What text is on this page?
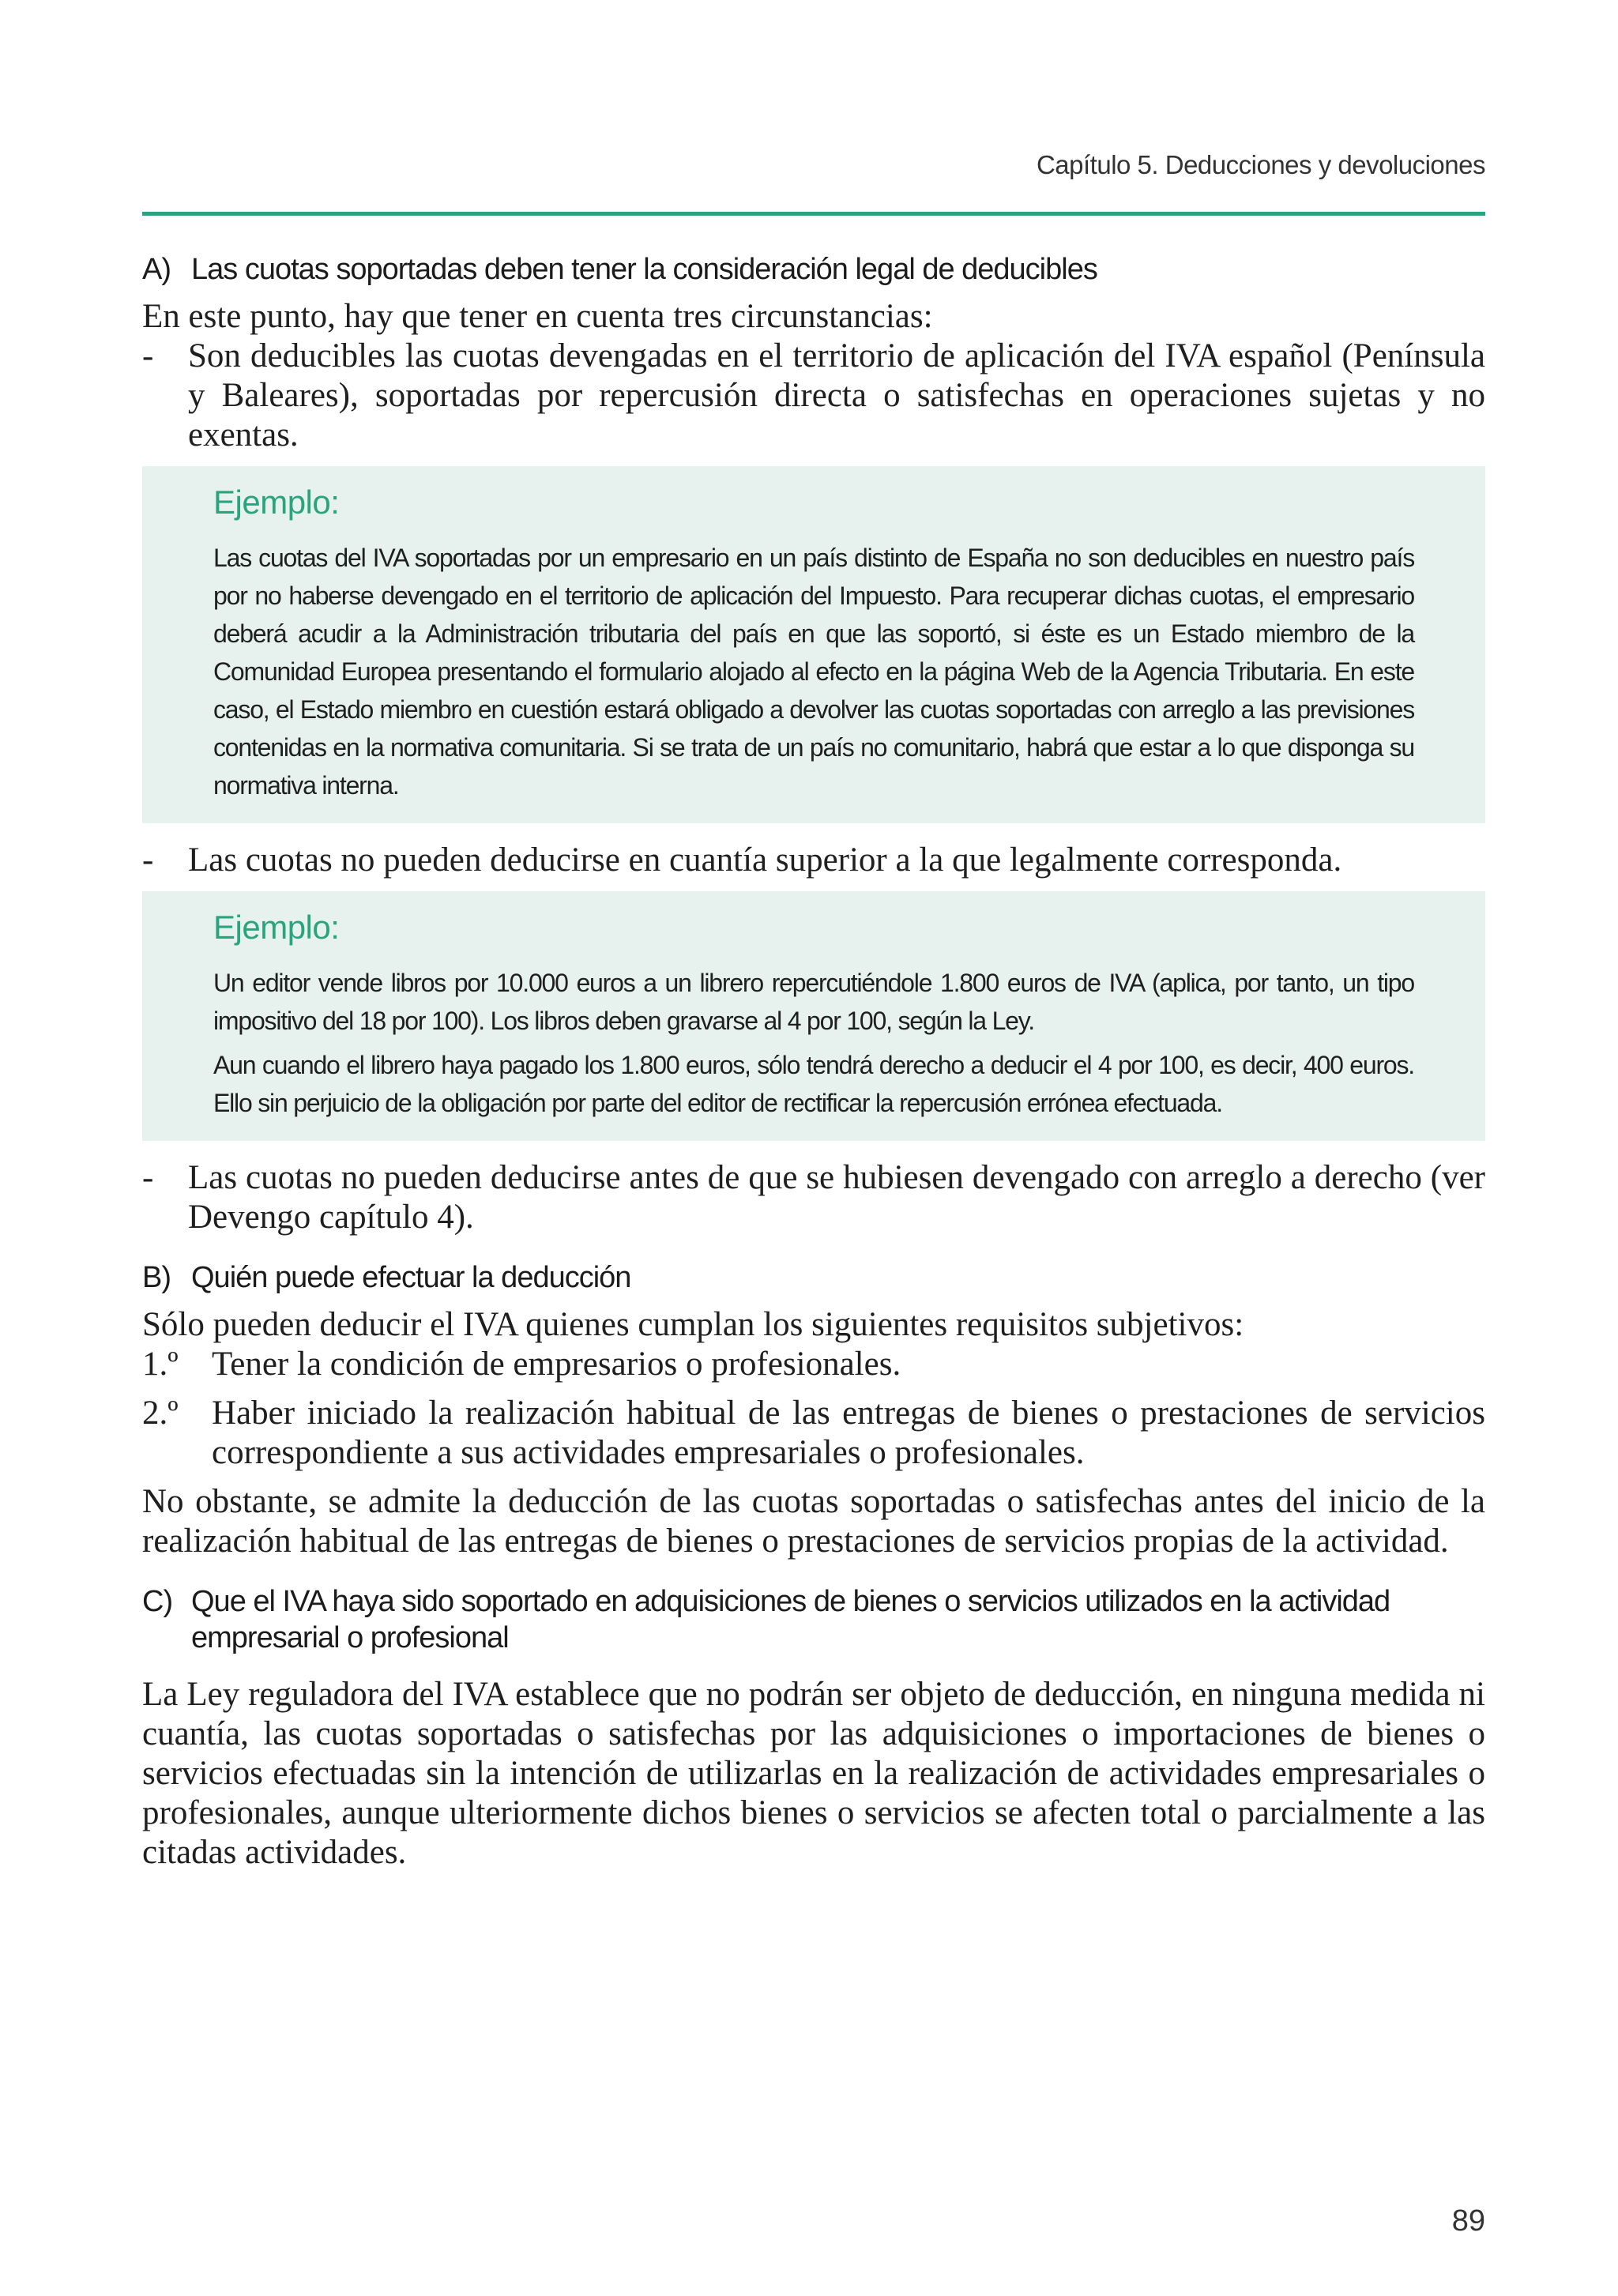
Capítulo 5. Deducciones y devoluciones
A) Las cuotas soportadas deben tener la consideración legal de deducibles

En este punto, hay que tener en cuenta tres circunstancias:

-	Son deducibles las cuotas devengadas en el territorio de aplicación del IVA español (Península y Baleares), soportadas por repercusión directa o satisfechas en operaciones sujetas y no exentas.
Ejemplo:

Las cuotas del IVA soportadas por un empresario en un país distinto de España no son deducibles en nuestro país por no haberse devengado en el territorio de aplicación del Impuesto. Para recuperar dichas cuotas, el empresario deberá acudir a la Administración tributaria del país en que las soportó, si éste es un Estado miembro de la Comunidad Europea presentando el formulario alojado al efecto en la página Web de la Agencia Tributaria. En este caso, el Estado miembro en cuestión estará obligado a devolver las cuotas soportadas con arreglo a las previsiones contenidas en la normativa comunitaria. Si se trata de un país no comunitario, habrá que estar a lo que disponga su normativa interna.

-	Las cuotas no pueden deducirse en cuantía superior a la que legalmente corresponda.
Ejemplo:

Un editor vende libros por 10.000 euros a un librero repercutiéndole 1.800 euros de IVA (aplica, por tanto, un tipo impositivo del 18 por 100). Los libros deben gravarse al 4 por 100, según la Ley.

Aun cuando el librero haya pagado los 1.800 euros, sólo tendrá derecho a deducir el 4 por 100, es decir, 400 euros. Ello sin perjuicio de la obligación por parte del editor de rectificar la repercusión errónea efectuada.

-	Las cuotas no pueden deducirse antes de que se hubiesen devengado con arreglo a derecho (ver Devengo capítulo 4).
B) Quién puede efectuar la deducción

Sólo pueden deducir el IVA quienes cumplan los siguientes requisitos subjetivos:

1.º Tener la condición de empresarios o profesionales.
2.º Haber iniciado la realización habitual de las entregas de bienes o prestaciones de servicios correspondiente a sus actividades empresariales o profesionales.

No obstante, se admite la deducción de las cuotas soportadas o satisfechas antes del inicio de la realización habitual de las entregas de bienes o prestaciones de servicios propias de la actividad.

C) Que el IVA haya sido soportado en adquisiciones de bienes o servicios utilizados en la actividad empresarial o profesional

La Ley reguladora del IVA establece que no podrán ser objeto de deducción, en ninguna medida ni cuantía, las cuotas soportadas o satisfechas por las adquisiciones o importaciones de bienes o servicios efectuadas sin la intención de utilizarlas en la realización de actividades empresariales o profesionales, aunque ulteriormente dichos bienes o servicios se afecten total o parcialmente a las citadas actividades.

89
